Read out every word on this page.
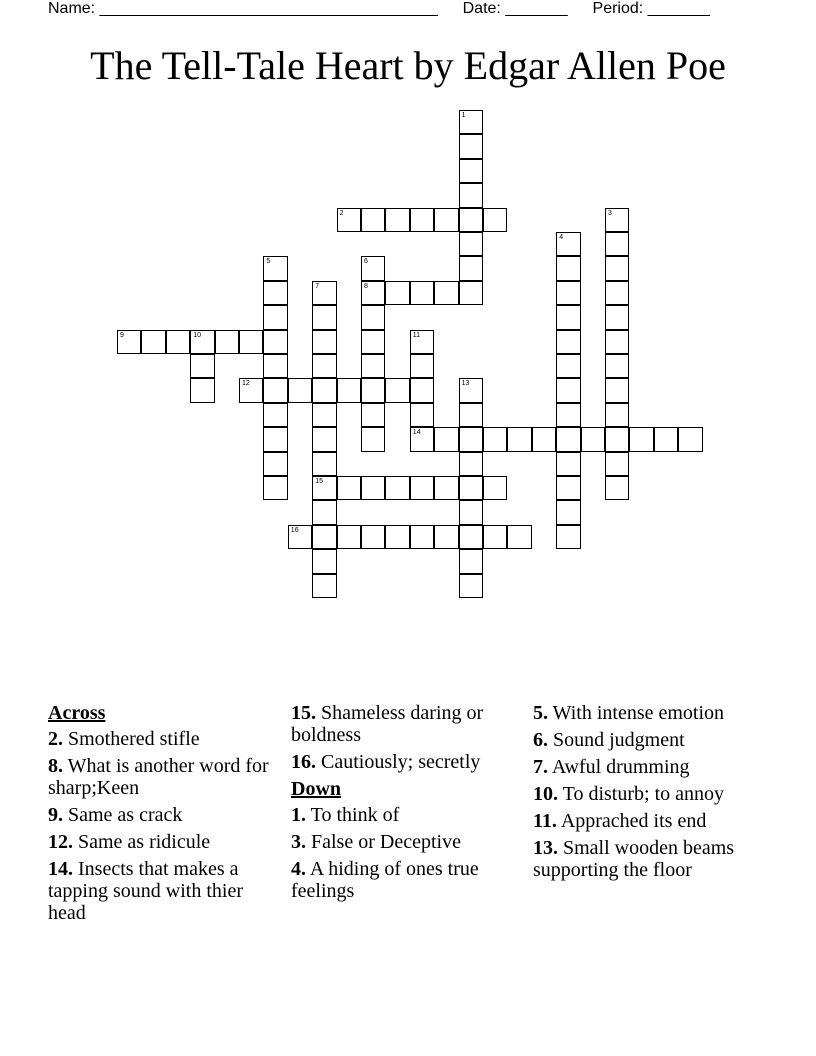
Name: ______________________________________ Date: _______ Period: _______
The Tell-Tale Heart by Edgar Allen Poe
1
2	3
4
5	6
8
7
15
9	10	11
14
12	13
16
Across
2. Smothered stifle
8. What is another word for sharp;Keen
9. Same as crack
12. Same as ridicule
14. Insects that makes a tapping sound with thier head
15. Shameless daring or boldness
16. Cautiously; secretly
Down
1. To think of
3. False or Deceptive
4. A hiding of ones true feelings
5. With intense emotion
6. Sound judgment
7. Awful drumming
10. To disturb; to annoy
11. Apprached its end
13. Small wooden beams supporting the floor
